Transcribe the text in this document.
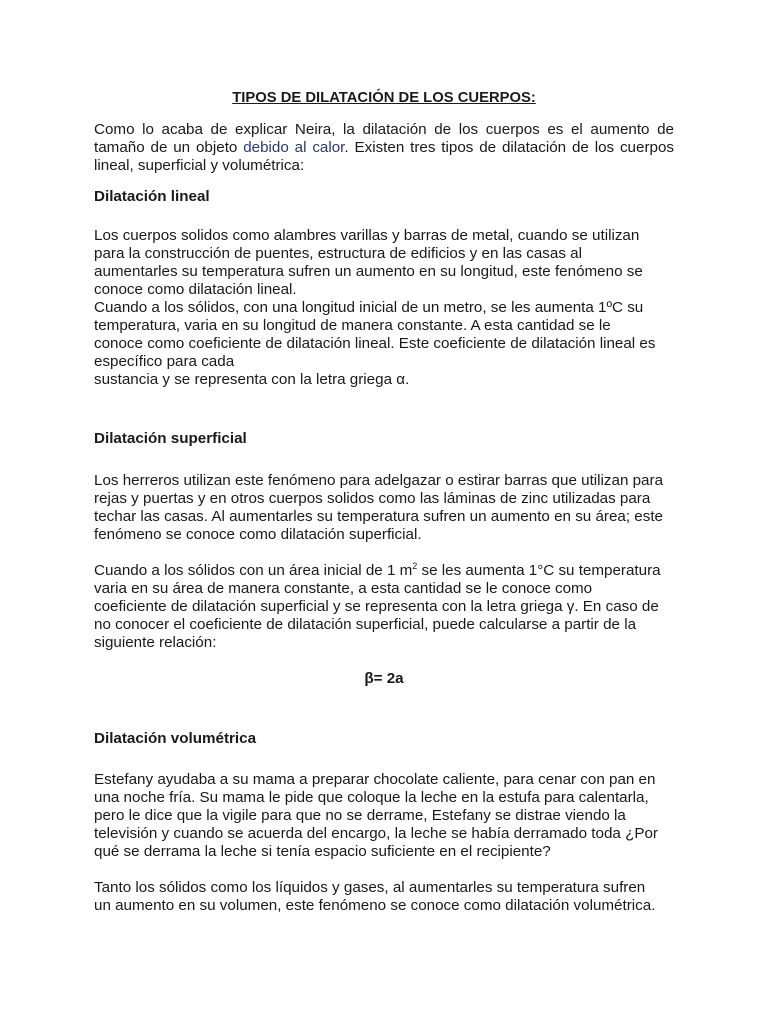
TIPOS DE DILATACIÓN DE LOS CUERPOS:

Como lo acaba de explicar Neira, la dilatación de los cuerpos es el aumento de tamaño de un objeto debido al calor. Existen tres tipos de dilatación de los cuerpos lineal, superficial y volumétrica:

Dilatación lineal

Los cuerpos solidos como alambres varillas y barras de metal, cuando se utilizan

para la construcción de puentes, estructura de edificios y en las casas al

aumentarles su temperatura sufren un aumento en su longitud, este fenómeno se

conoce como dilatación lineal.

Cuando a los sólidos, con una longitud inicial de un metro, se les aumenta 1ºC su

temperatura, varia en su longitud de manera constante. A esta cantidad se le

conoce como coeficiente de dilatación lineal. Este coeficiente de dilatación lineal es

específico para cada

sustancia y se representa con la letra griega α.

Dilatación superficial

Los herreros utilizan este fenómeno para adelgazar o estirar barras que utilizan para

rejas y puertas y en otros cuerpos solidos como las láminas de zinc utilizadas para

techar las casas. Al aumentarles su temperatura sufren un aumento en su área; este

fenómeno se conoce como dilatación superficial.

Cuando a los sólidos con un área inicial de 1 $m^2$ se les aumenta 1°C su temperatura

varia en su área de manera constante, a esta cantidad se le conoce como

coeficiente de dilatación superficial y se representa con la letra griega γ. En caso de

no conocer el coeficiente de dilatación superficial, puede calcularse a partir de la

siguiente relación:

β= 2a

Dilatación volumétrica

Estefany ayudaba a su mama a preparar chocolate caliente, para cenar con pan en

una noche fría. Su mama le pide que coloque la leche en la estufa para calentarla,

pero le dice que la vigile para que no se derrame, Estefany se distrae viendo la

televisión y cuando se acuerda del encargo, la leche se había derramado toda ¿Por

qué se derrama la leche si tenía espacio suficiente en el recipiente?

Tanto los sólidos como los líquidos y gases, al aumentarles su temperatura sufren

un aumento en su volumen, este fenómeno se conoce como dilatación volumétrica.
